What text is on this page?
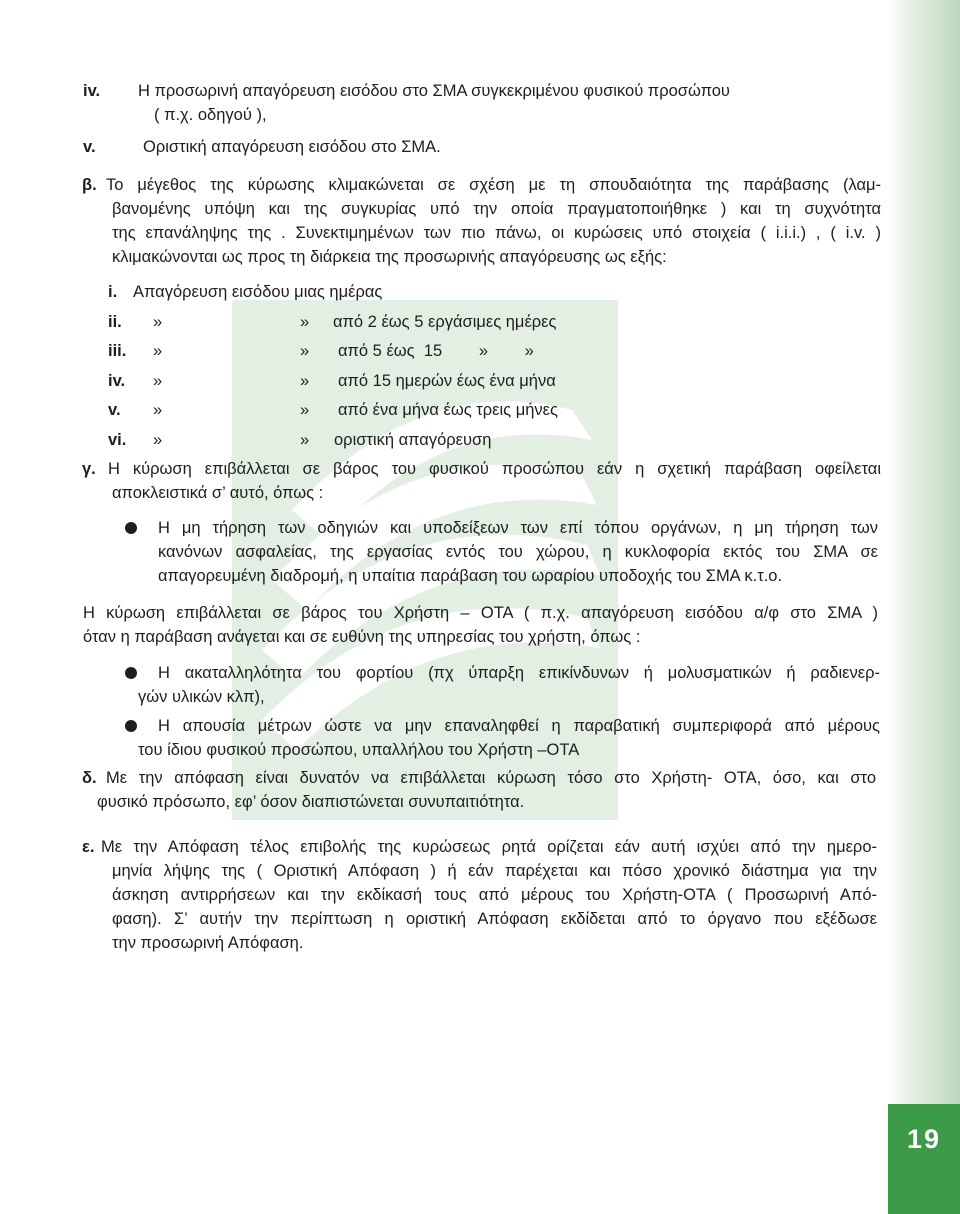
19
iv. Η προσωρινή απαγόρευση εισόδου στο ΣΜΑ συγκεκριμένου φυσικού προσώπου
( π.χ. οδηγού ),
v.	Οριστική απαγόρευση εισόδου στο ΣΜΑ.
β. Το μέγεθος της κύρωσης κλιμακώνεται σε σχέση με τη σπουδαιότητα της παράβασης (λαμ-
βανομένης υπόψη και της συγκυρίας υπό την οποία πραγματοποιήθηκε ) και τη συχνότητα
της επανάληψης της . Συνεκτιμημένων των πιο πάνω, οι κυρώσεις υπό στοιχεία ( i.i.i.) , ( i.v. )
κλιμακώνονται ως προς τη διάρκεια της προσωρινής απαγόρευσης ως εξής:
i. Απαγόρευση εισόδου μιας ημέρας
ii. »	» από 2 έως 5 εργάσιμες ημέρες
iii. »	» από 5 έως  15        »        »
iv. »	» από 15 ημερών έως ένα μήνα
v. »	» από ένα μήνα έως τρεις μήνες
vi. »	» οριστική απαγόρευση
γ. Η κύρωση επιβάλλεται σε βάρος του φυσικού προσώπου εάν η σχετική παράβαση οφείλεται
αποκλειστικά σ’ αυτό, όπως :
Η μη τήρηση των οδηγιών και υποδείξεων των επί τόπου οργάνων, η μη τήρηση των
κανόνων ασφαλείας, της εργασίας εντός του χώρου, η κυκλοφορία εκτός του ΣΜΑ σε
απαγορευμένη διαδρομή, η υπαίτια παράβαση του ωραρίου υποδοχής του ΣΜΑ κ.τ.ο.
Η κύρωση επιβάλλεται σε βάρος του Χρήστη – ΟΤΑ ( π.χ. απαγόρευση εισόδου α/φ στο ΣΜΑ )
όταν η παράβαση ανάγεται και σε ευθύνη της υπηρεσίας του χρήστη, όπως :
Η ακαταλληλότητα του φορτίου (πχ ύπαρξη επικίνδυνων ή μολυσματικών ή ραδιενερ-
γών υλικών κλπ),
Η απουσία μέτρων ώστε να μην επαναληφθεί η παραβατική συμπεριφορά από μέρους
του ίδιου φυσικού προσώπου, υπαλλήλου του Χρήστη –ΟΤΑ
δ. Με την απόφαση είναι δυνατόν να επιβάλλεται κύρωση τόσο στο Χρήστη- ΟΤΑ, όσο, και στο
φυσικό πρόσωπο, εφ’ όσον διαπιστώνεται συνυπαιτιότητα.
ε. Με την Απόφαση τέλος επιβολής της κυρώσεως ρητά ορίζεται εάν αυτή ισχύει από την ημερο-
μηνία λήψης της ( Οριστική Απόφαση ) ή εάν παρέχεται και πόσο χρονικό διάστημα για την
άσκηση αντιρρήσεων και την εκδίκασή τους από μέρους του Χρήστη-ΟΤΑ ( Προσωρινή Από-
φαση). Σ’ αυτήν την περίπτωση η οριστική Απόφαση εκδίδεται από το όργανο που εξέδωσε
την προσωρινή Απόφαση.
